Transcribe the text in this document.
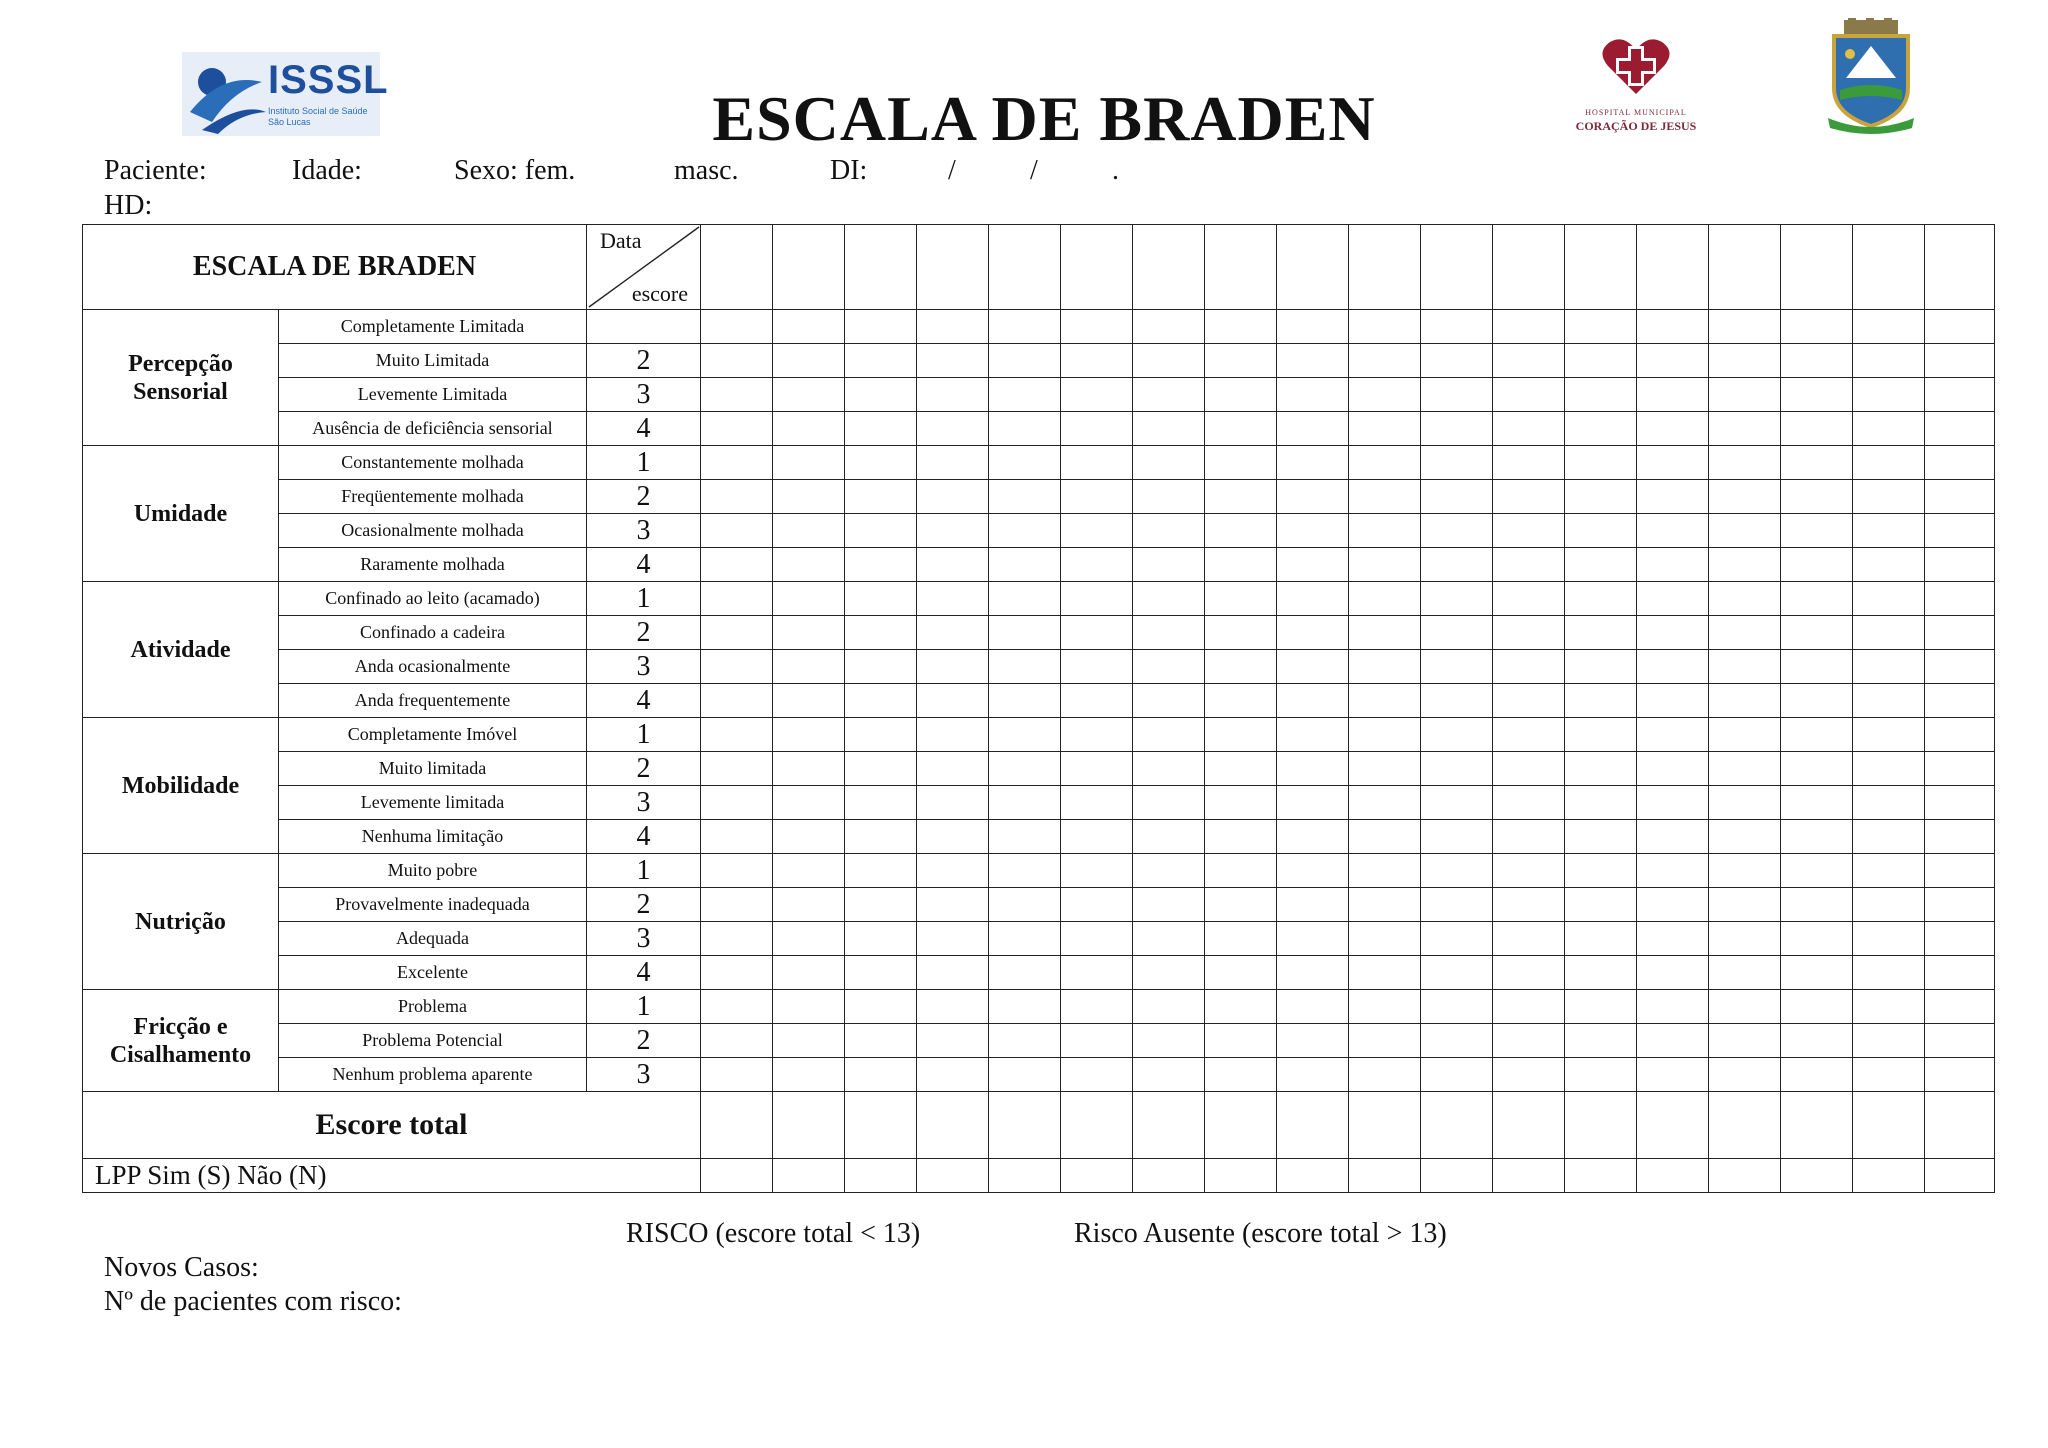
ISSSL
Instituto Social de Saúde São Lucas
HOSPITAL MUNICIPAL
CORAÇÃO DE JESUS
ESCALA DE BRADEN
Paciente:	Idade:	Sexo: fem.	masc.	DI:	/	/	.
HD:
ESCALA DE BRADEN		Data
escore																		

Percepção
Sensorial	Completamente Limitada																			
	Muito Limitada	2																		
	Levemente Limitada	3																		
	Ausência de deficiência sensorial	4																		

Umidade	Constantemente molhada	1																		
	Freqüentemente molhada	2																		
	Ocasionalmente molhada	3																		
	Raramente molhada	4																		

Atividade	Confinado ao leito (acamado)	1																		
	Confinado a cadeira	2																		
	Anda ocasionalmente	3																		
	Anda frequentemente	4																		

Mobilidade	Completamente Imóvel	1																		
	Muito limitada	2																		
	Levemente limitada	3																		
	Nenhuma limitação	4																		

Nutrição	Muito pobre	1																		
	Provavelmente inadequada	2																		
	Adequada	3																		
	Excelente	4																		

Fricção e
Cisalhamento	Problema	1																		
	Problema Potencial	2																		
	Nenhum problema aparente	3																		
Escore total																				
LPP Sim (S) Não (N)																				
RISCO (escore total < 13)	Risco Ausente (escore total > 13)
Novos Casos:
Nº de pacientes com risco:
